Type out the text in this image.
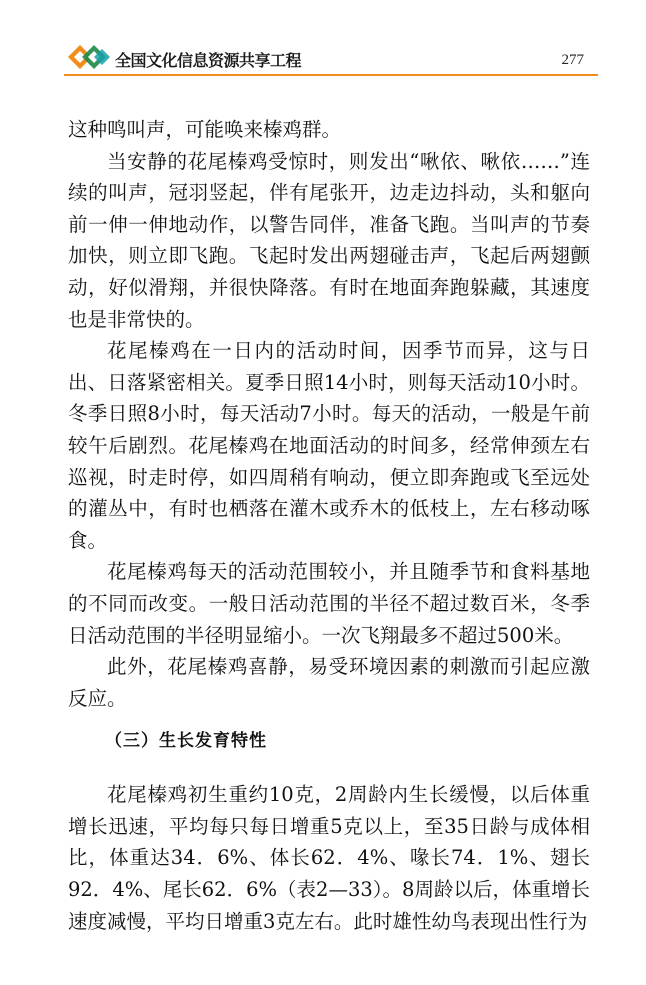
全国文化信息资源共享工程	277

这种鸣叫声，可能唤来榛鸡群。

当安静的花尾榛鸡受惊时，则发出“啾依、啾依……”连续的叫声，冠羽竖起，伴有尾张开，边走边抖动，头和躯向前一伸一伸地动作，以警告同伴，准备飞跑。当叫声的节奏加快，则立即飞跑。飞起时发出两翅碰击声，飞起后两翅颤动，好似滑翔，并很快降落。有时在地面奔跑躲藏，其速度也是非常快的。

花尾榛鸡在一日内的活动时间，因季节而异，这与日出、日落紧密相关。夏季日照14小时，则每天活动10小时。冬季日照8小时，每天活动7小时。每天的活动，一般是午前较午后剧烈。花尾榛鸡在地面活动的时间多，经常伸颈左右巡视，时走时停，如四周稍有响动，便立即奔跑或飞至远处的灌丛中，有时也栖落在灌木或乔木的低枝上，左右移动啄食。

花尾榛鸡每天的活动范围较小，并且随季节和食料基地的不同而改变。一般日活动范围的半径不超过数百米，冬季日活动范围的半径明显缩小。一次飞翔最多不超过500米。

此外，花尾榛鸡喜静，易受环境因素的刺激而引起应激反应。

（三）生长发育特性

花尾榛鸡初生重约10克，2周龄内生长缓慢，以后体重增长迅速，平均每只每日增重5克以上，至35日龄与成体相比，体重达34．6%、体长62．4%、喙长74．1%、翅长92．4%、尾长62．6%（表2—33）。8周龄以后，体重增长速度减慢，平均日增重3克左右。此时雄性幼鸟表现出性行为
